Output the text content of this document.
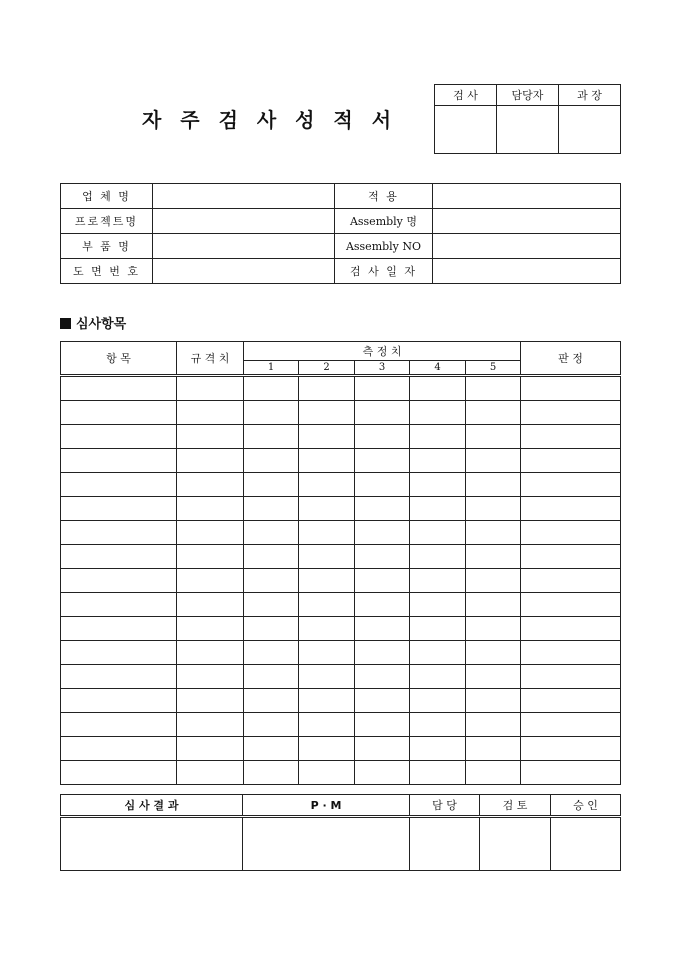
자 주 검 사 성 적 서
검 사	담당자	과 장

업 체 명		적 용	
프로젝트명		Assembly 명	
부 품 명		Assembly NO	
도 면 번 호		검 사 일 자	
심사항목
항 목	규 격 치	측 정 치					판 정
		1	2	3	4	5	

심 사 결 과	P · M	담 당	검 토	승 인
